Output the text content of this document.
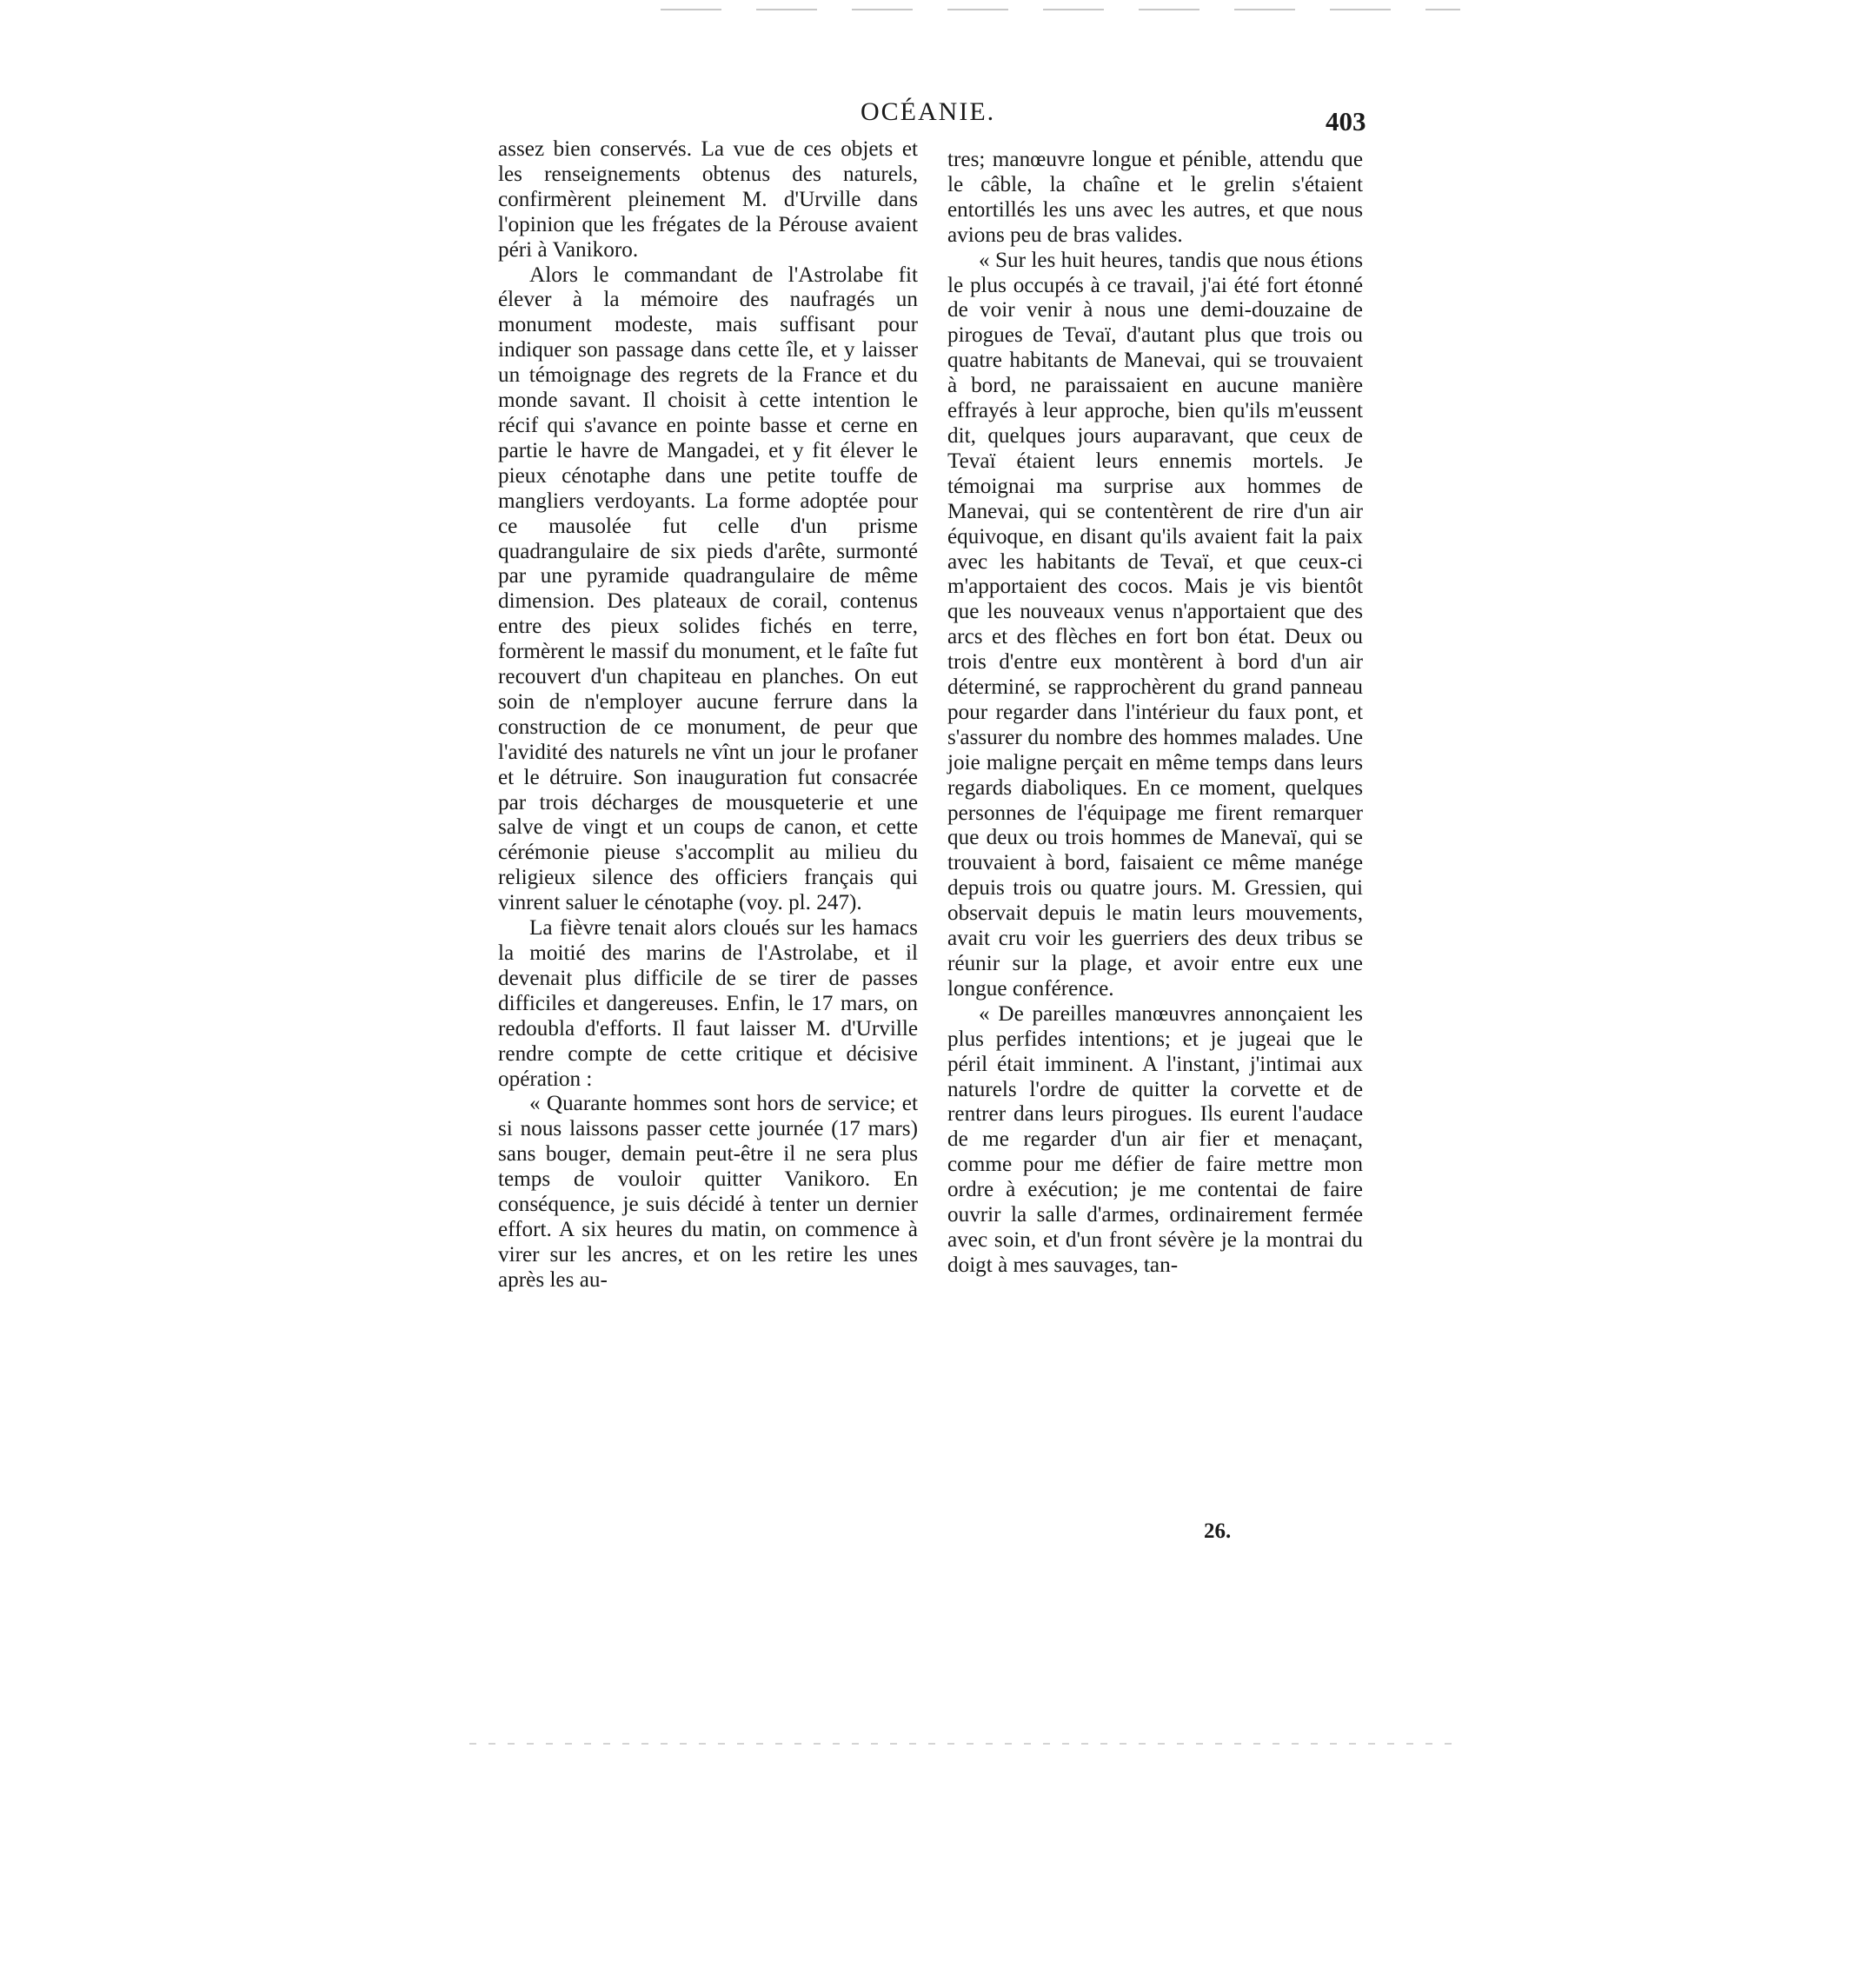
OCÉANIE.	403

assez bien conservés. La vue de ces objets et les renseignements obtenus des naturels, confirmèrent pleinement M. d'Urville dans l'opinion que les frégates de la Pérouse avaient péri à Vanikoro.

Alors le commandant de l'Astrolabe fit élever à la mémoire des naufragés un monument modeste, mais suffisant pour indiquer son passage dans cette île, et y laisser un témoignage des regrets de la France et du monde savant. Il choisit à cette intention le récif qui s'avance en pointe basse et cerne en partie le havre de Mangadei, et y fit élever le pieux cénotaphe dans une petite touffe de mangliers verdoyants. La forme adoptée pour ce mausolée fut celle d'un prisme quadrangulaire de six pieds d'arête, surmonté par une pyramide quadrangulaire de même dimension. Des plateaux de corail, contenus entre des pieux solides fichés en terre, formèrent le massif du monument, et le faîte fut recouvert d'un chapiteau en planches. On eut soin de n'employer aucune ferrure dans la construction de ce monument, de peur que l'avidité des naturels ne vînt un jour le profaner et le détruire. Son inauguration fut consacrée par trois décharges de mousqueterie et une salve de vingt et un coups de canon, et cette cérémonie pieuse s'accomplit au milieu du religieux silence des officiers français qui vinrent saluer le cénotaphe (voy. pl. 247).

La fièvre tenait alors cloués sur les hamacs la moitié des marins de l'Astrolabe, et il devenait plus difficile de se tirer de passes difficiles et dangereuses. Enfin, le 17 mars, on redoubla d'efforts. Il faut laisser M. d'Urville rendre compte de cette critique et décisive opération :

« Quarante hommes sont hors de service; et si nous laissons passer cette journée (17 mars) sans bouger, demain peut-être il ne sera plus temps de vouloir quitter Vanikoro. En conséquence, je suis décidé à tenter un dernier effort. A six heures du matin, on commence à virer sur les ancres, et on les retire les unes après les au-

tres; manœuvre longue et pénible, attendu que le câble, la chaîne et le grelin s'étaient entortillés les uns avec les autres, et que nous avions peu de bras valides.

« Sur les huit heures, tandis que nous étions le plus occupés à ce travail, j'ai été fort étonné de voir venir à nous une demi-douzaine de pirogues de Tevaï, d'autant plus que trois ou quatre habitants de Manevai, qui se trouvaient à bord, ne paraissaient en aucune manière effrayés à leur approche, bien qu'ils m'eussent dit, quelques jours auparavant, que ceux de Tevaï étaient leurs ennemis mortels. Je témoignai ma surprise aux hommes de Manevai, qui se contentèrent de rire d'un air équivoque, en disant qu'ils avaient fait la paix avec les habitants de Tevaï, et que ceux-ci m'apportaient des cocos. Mais je vis bientôt que les nouveaux venus n'apportaient que des arcs et des flèches en fort bon état. Deux ou trois d'entre eux montèrent à bord d'un air déterminé, se rapprochèrent du grand panneau pour regarder dans l'intérieur du faux pont, et s'assurer du nombre des hommes malades. Une joie maligne perçait en même temps dans leurs regards diaboliques. En ce moment, quelques personnes de l'équipage me firent remarquer que deux ou trois hommes de Manevaï, qui se trouvaient à bord, faisaient ce même manége depuis trois ou quatre jours. M. Gressien, qui observait depuis le matin leurs mouvements, avait cru voir les guerriers des deux tribus se réunir sur la plage, et avoir entre eux une longue conférence.

« De pareilles manœuvres annonçaient les plus perfides intentions; et je jugeai que le péril était imminent. A l'instant, j'intimai aux naturels l'ordre de quitter la corvette et de rentrer dans leurs pirogues. Ils eurent l'audace de me regarder d'un air fier et menaçant, comme pour me défier de faire mettre mon ordre à exécution; je me contentai de faire ouvrir la salle d'armes, ordinairement fermée avec soin, et d'un front sévère je la montrai du doigt à mes sauvages, tan-

26.
